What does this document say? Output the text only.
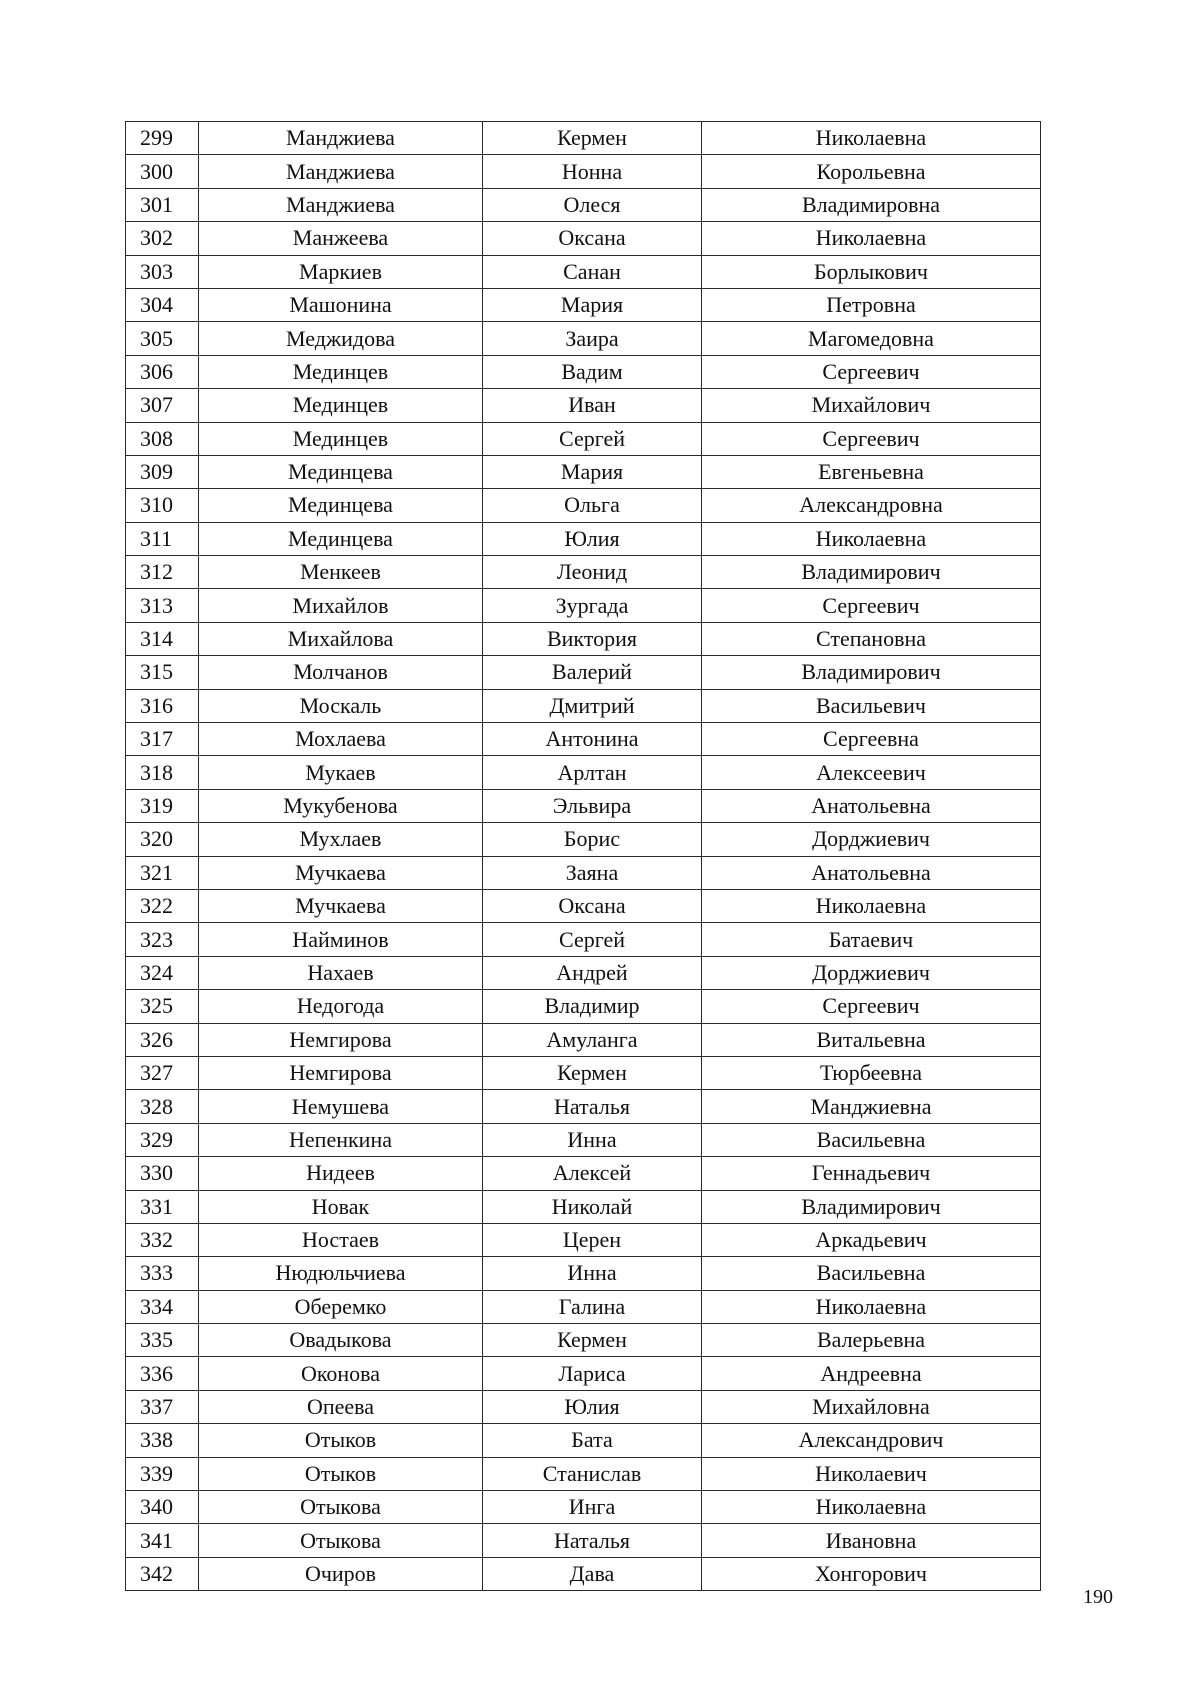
299	Манджиева	Кермен	Николаевна
300	Манджиева	Нонна	Корольевна
301	Манджиева	Олеся	Владимировна
302	Манжеева	Оксана	Николаевна
303	Маркиев	Санан	Борлыкович
304	Машонина	Мария	Петровна
305	Меджидова	Заира	Магомедовна
306	Мединцев	Вадим	Сергеевич
307	Мединцев	Иван	Михайлович
308	Мединцев	Сергей	Сергеевич
309	Мединцева	Мария	Евгеньевна
310	Мединцева	Ольга	Александровна
311	Мединцева	Юлия	Николаевна
312	Менкеев	Леонид	Владимирович
313	Михайлов	Зургада	Сергеевич
314	Михайлова	Виктория	Степановна
315	Молчанов	Валерий	Владимирович
316	Москаль	Дмитрий	Васильевич
317	Мохлаева	Антонина	Сергеевна
318	Мукаев	Арлтан	Алексеевич
319	Мукубенова	Эльвира	Анатольевна
320	Мухлаев	Борис	Дорджиевич
321	Мучкаева	Заяна	Анатольевна
322	Мучкаева	Оксана	Николаевна
323	Найминов	Сергей	Батаевич
324	Нахаев	Андрей	Дорджиевич
325	Недогода	Владимир	Сергеевич
326	Немгирова	Амуланга	Витальевна
327	Немгирова	Кермен	Тюрбеевна
328	Немушева	Наталья	Манджиевна
329	Непенкина	Инна	Васильевна
330	Нидеев	Алексей	Геннадьевич
331	Новак	Николай	Владимирович
332	Ностаев	Церен	Аркадьевич
333	Нюдюльчиева	Инна	Васильевна
334	Оберемко	Галина	Николаевна
335	Овадыкова	Кермен	Валерьевна
336	Оконова	Лариса	Андреевна
337	Опеева	Юлия	Михайловна
338	Отыков	Бата	Александрович
339	Отыков	Станислав	Николаевич
340	Отыкова	Инга	Николаевна
341	Отыкова	Наталья	Ивановна
342	Очиров	Дава	Хонгорович
190
